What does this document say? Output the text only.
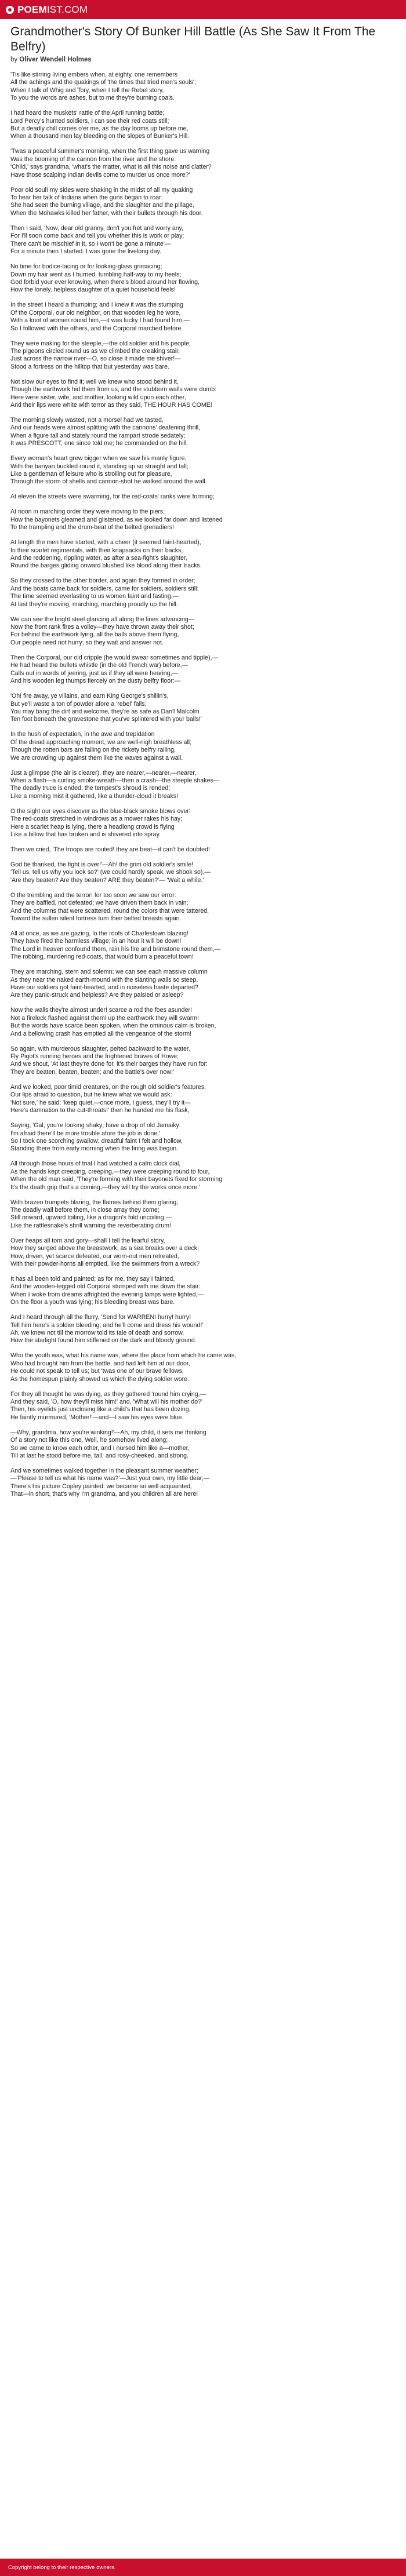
POEM IST.COM
Grandmother's Story Of Bunker Hill Battle (As She Saw It From The Belfry)
by Oliver Wendell Holmes

'Tis like stirring living embers when, at eighty, one remembers
All the achings and the quakings of 'the times that tried men's souls';
When I talk of Whig and Tory, when I tell the Rebel story,
To you the words are ashes, but to me they're burning coals.

I had heard the muskets' rattle of the April running battle;
Lord Percy's hunted soldiers, I can see their red coats still;
But a deadly chill comes o'er me, as the day looms up before me,
When a thousand men lay bleeding on the slopes of Bunker's Hill.

'Twas a peaceful summer's morning, when the first thing gave us warning
Was the booming of the cannon from the river and the shore:
'Child,' says grandma, 'what's the matter, what is all this noise and clatter?
Have those scalping Indian devils come to murder us once more?'

Poor old soul! my sides were shaking in the midst of all my quaking
To hear her talk of Indians when the guns began to roar:
She had seen the burning village, and the slaughter and the pillage,
When the Mohawks killed her father, with their bullets through his door.

Then I said, 'Now, dear old granny, don't you fret and worry any,
For I'll soon come back and tell you whether this is work or play;
There can't be mischief in it, so I won't be gone a minute'—
For a minute then I started. I was gone the livelong day.

No time for bodice-lacing or for looking-glass grimacing;
Down my hair went as I hurried, tumbling half-way to my heels;
God forbid your ever knowing, when there's blood around her flowing,
How the lonely, helpless daughter of a quiet household feels!

In the street I heard a thumping; and I knew it was the stumping
Of the Corporal, our old neighbor, on that wooden leg he wore,
With a knot of women round him,—it was lucky I had found him,—
So I followed with the others, and the Corporal marched before.

They were making for the steeple,—the old soldier and his people;
The pigeons circled round us as we climbed the creaking stair,
Just across the narrow river—O, so close it made me shiver!—
Stood a fortress on the hilltop that but yesterday was bare.

Not slow our eyes to find it; well we knew who stood behind it,
Though the earthwork hid them from us, and the stubborn walls were dumb:
Here were sister, wife, and mother, looking wild upon each other,
And their lips were white with terror as they said, THE HOUR HAS COME!

The morning slowly wasted, not a morsel had we tasted,
And our heads were almost splitting with the cannons' deafening thrill,
When a figure tall and stately round the rampart strode sedately;
It was PRESCOTT, one since told me; he commanded on the hill.

Every woman's heart grew bigger when we saw his manly figure,
With the banyan buckled round it, standing up so straight and tall;
Like a gentleman of leisure who is strolling out for pleasure,
Through the storm of shells and cannon-shot he walked around the wall.

At eleven the streets were swarming, for the red-coats' ranks were forming;

At noon in marching order they were moving to the piers;
How the bayonets gleamed and glistened, as we looked far down and listened
To the trampling and the drum-beat of the belted grenadiers!

At length the men have started, with a cheer (it seemed faint-hearted),
In their scarlet regimentals, with their knapsacks on their backs,
And the reddening, rippling water, as after a sea-fight's slaughter,
Round the barges gliding onward blushed like blood along their tracks.

So they crossed to the other border, and again they formed in order;
And the boats came back for soldiers, came for soldiers, soldiers still:
The time seemed everlasting to us women faint and fasting,—
At last they're moving, marching, marching proudly up the hill.

We can see the bright steel glancing all along the lines advancing—
Now the front rank fires a volley—they have thrown away their shot;
For behind the earthwork lying, all the balls above them flying,
Our people need not hurry; so they wait and answer not.

Then the Corporal, our old cripple (he would swear sometimes and tipple),—
He had heard the bullets whistle (in the old French war) before,—
Calls out in words of jeering, just as if they all were hearing,—
And his wooden leg thumps fiercely on the dusty belfry floor:—

'Oh! fire away, ye villains, and earn King George's shillin's,
But ye'll waste a ton of powder afore a 'rebel' falls;
You may bang the dirt and welcome, they're as safe as Dan'l Malcolm
Ten foot beneath the gravestone that you've splintered with your balls!'

In the hush of expectation, in the awe and trepidation
Of the dread approaching moment, we are well-nigh breathless all;
Though the rotten bars are failing on the rickety belfry railing,
We are crowding up against them like the waves against a wall.

Just a glimpse (the air is clearer), they are nearer,—nearer,—nearer,
When a flash—a curling smoke-wreath—then a crash—the steeple shakes—
The deadly truce is ended; the tempest's shroud is rended;
Like a morning mist it gathered, like a thunder-cloud it breaks!

O the sight our eyes discover as the blue-black smoke blows over!
The red-coats stretched in windrows as a mower rakes his hay;
Here a scarlet heap is lying, there a headlong crowd is flying
Like a billow that has broken and is shivered into spray.

Then we cried, 'The troops are routed! they are beat—it can't be doubted!

God be thanked, the fight is over!'—Ah! the grim old soldier's smile!
'Tell us, tell us why you look so?' (we could hardly speak, we shook so),—
'Are they beaten? Are they beaten? ARE they beaten?'— 'Wait a while.'

O the trembling and the terror! for too soon we saw our error:
They are baffled, not defeated; we have driven them back in vain;
And the columns that were scattered, round the colors that were tattered,
Toward the sullen silent fortress turn their belted breasts again.

All at once, as we are gazing, lo the roofs of Charlestown blazing!
They have fired the harmless village; in an hour it will be down!
The Lord in heaven confound them, rain his fire and brimstone round them,—
The robbing, murdering red-coats, that would burn a peaceful town!

They are marching, stern and solemn; we can see each massive column
As they near the naked earth-mound with the slanting walls so steep.
Have our soldiers got faint-hearted, and in noiseless haste departed?
Are they panic-struck and helpless? Are they palsied or asleep?

Now the walls they're almost under! scarce a rod the foes asunder!
Not a firelock flashed against them! up the earthwork they will swarm!
But the words have scarce been spoken, when the ominous calm is broken,
And a bellowing crash has emptied all the vengeance of the storm!

So again, with murderous slaughter, pelted backward to the water,
Fly Pigot's running heroes and the frightened braves of Howe;
And we shout, 'At last they're done for, it's their barges they have run for:
They are beaten, beaten, beaten; and the battle's over now!'

And we looked, poor timid creatures, on the rough old soldier's features,
Our lips afraid to question, but he knew what we would ask:
'Not sure,' he said; 'keep quiet,—once more, I guess, they'll try it—
Here's damnation to the cut-throats!' then he handed me his flask,

Saying, 'Gal, you're looking shaky; have a drop of old Jamaiky:
I'm afraid there'll be more trouble afore the job is done;'
So I took one scorching swallow; dreadful faint I felt and hollow,
Standing there from early morning when the firing was begun.

All through those hours of trial I had watched a calm clock dial,
As the hands kept creeping, creeping,—they were creeping round to four,
When the old man said, 'They're forming with their bayonets fixed for storming:
It's the death grip that's a coming,—they will try the works once more.'

With brazen trumpets blaring, the flames behind them glaring,
The deadly wall before them, in close array they come;
Still onward, upward toiling, like a dragon's fold uncoiling,—
Like the rattlesnake's shrill warning the reverberating drum!

Over heaps all torn and gory—shall I tell the fearful story,
How they surged above the breastwork, as a sea breaks over a deck;
How, driven, yet scarce defeated, our worn-out men retreated,
With their powder-horns all emptied, like the swimmers from a wreck?

It has all been told and painted; as for me, they say I fainted,
And the wooden-legged old Corporal stumped with me down the stair:
When I woke from dreams affrighted the evening lamps were lighted,—
On the floor a youth was lying; his bleeding breast was bare.

And I heard through all the flurry, 'Send for WARREN! hurry! hurry!
Tell him here's a soldier bleeding, and he'll come and dress his wound!'
Ah, we knew not till the morrow told its tale of death and sorrow,
How the starlight found him stiffened on the dark and bloody ground.

Who the youth was, what his name was, where the place from which he came was,
Who had brought him from the battle, and had left him at our door,
He could not speak to tell us; but 'twas one of our brave fellows,
As the homespun plainly showed us which the dying soldier wore.

For they all thought he was dying, as they gathered 'round him crying,—
And they said, 'O, how they'll miss him!' and, 'What will his mother do?'
Then, his eyelids just unclosing like a child's that has been dozing,
He faintly murmured, 'Mother!'—and—I saw his eyes were blue.

—Why, grandma, how you're winking!'—Ah, my child, it sets me thinking
Of a story not like this one. Well, he somehow lived along;
So we came to know each other, and I nursed him like a—mother,
Till at last he stood before me, tall, and rosy-cheeked, and strong.

And we sometimes walked together in the pleasant summer weather;
—'Please to tell us what his name was?'—Just your own, my little dear,—
There's his picture Copley painted: we became so well acquainted,
That—in short, that's why I'm grandma, and you children all are here!

Copyright belong to their respective owners.
